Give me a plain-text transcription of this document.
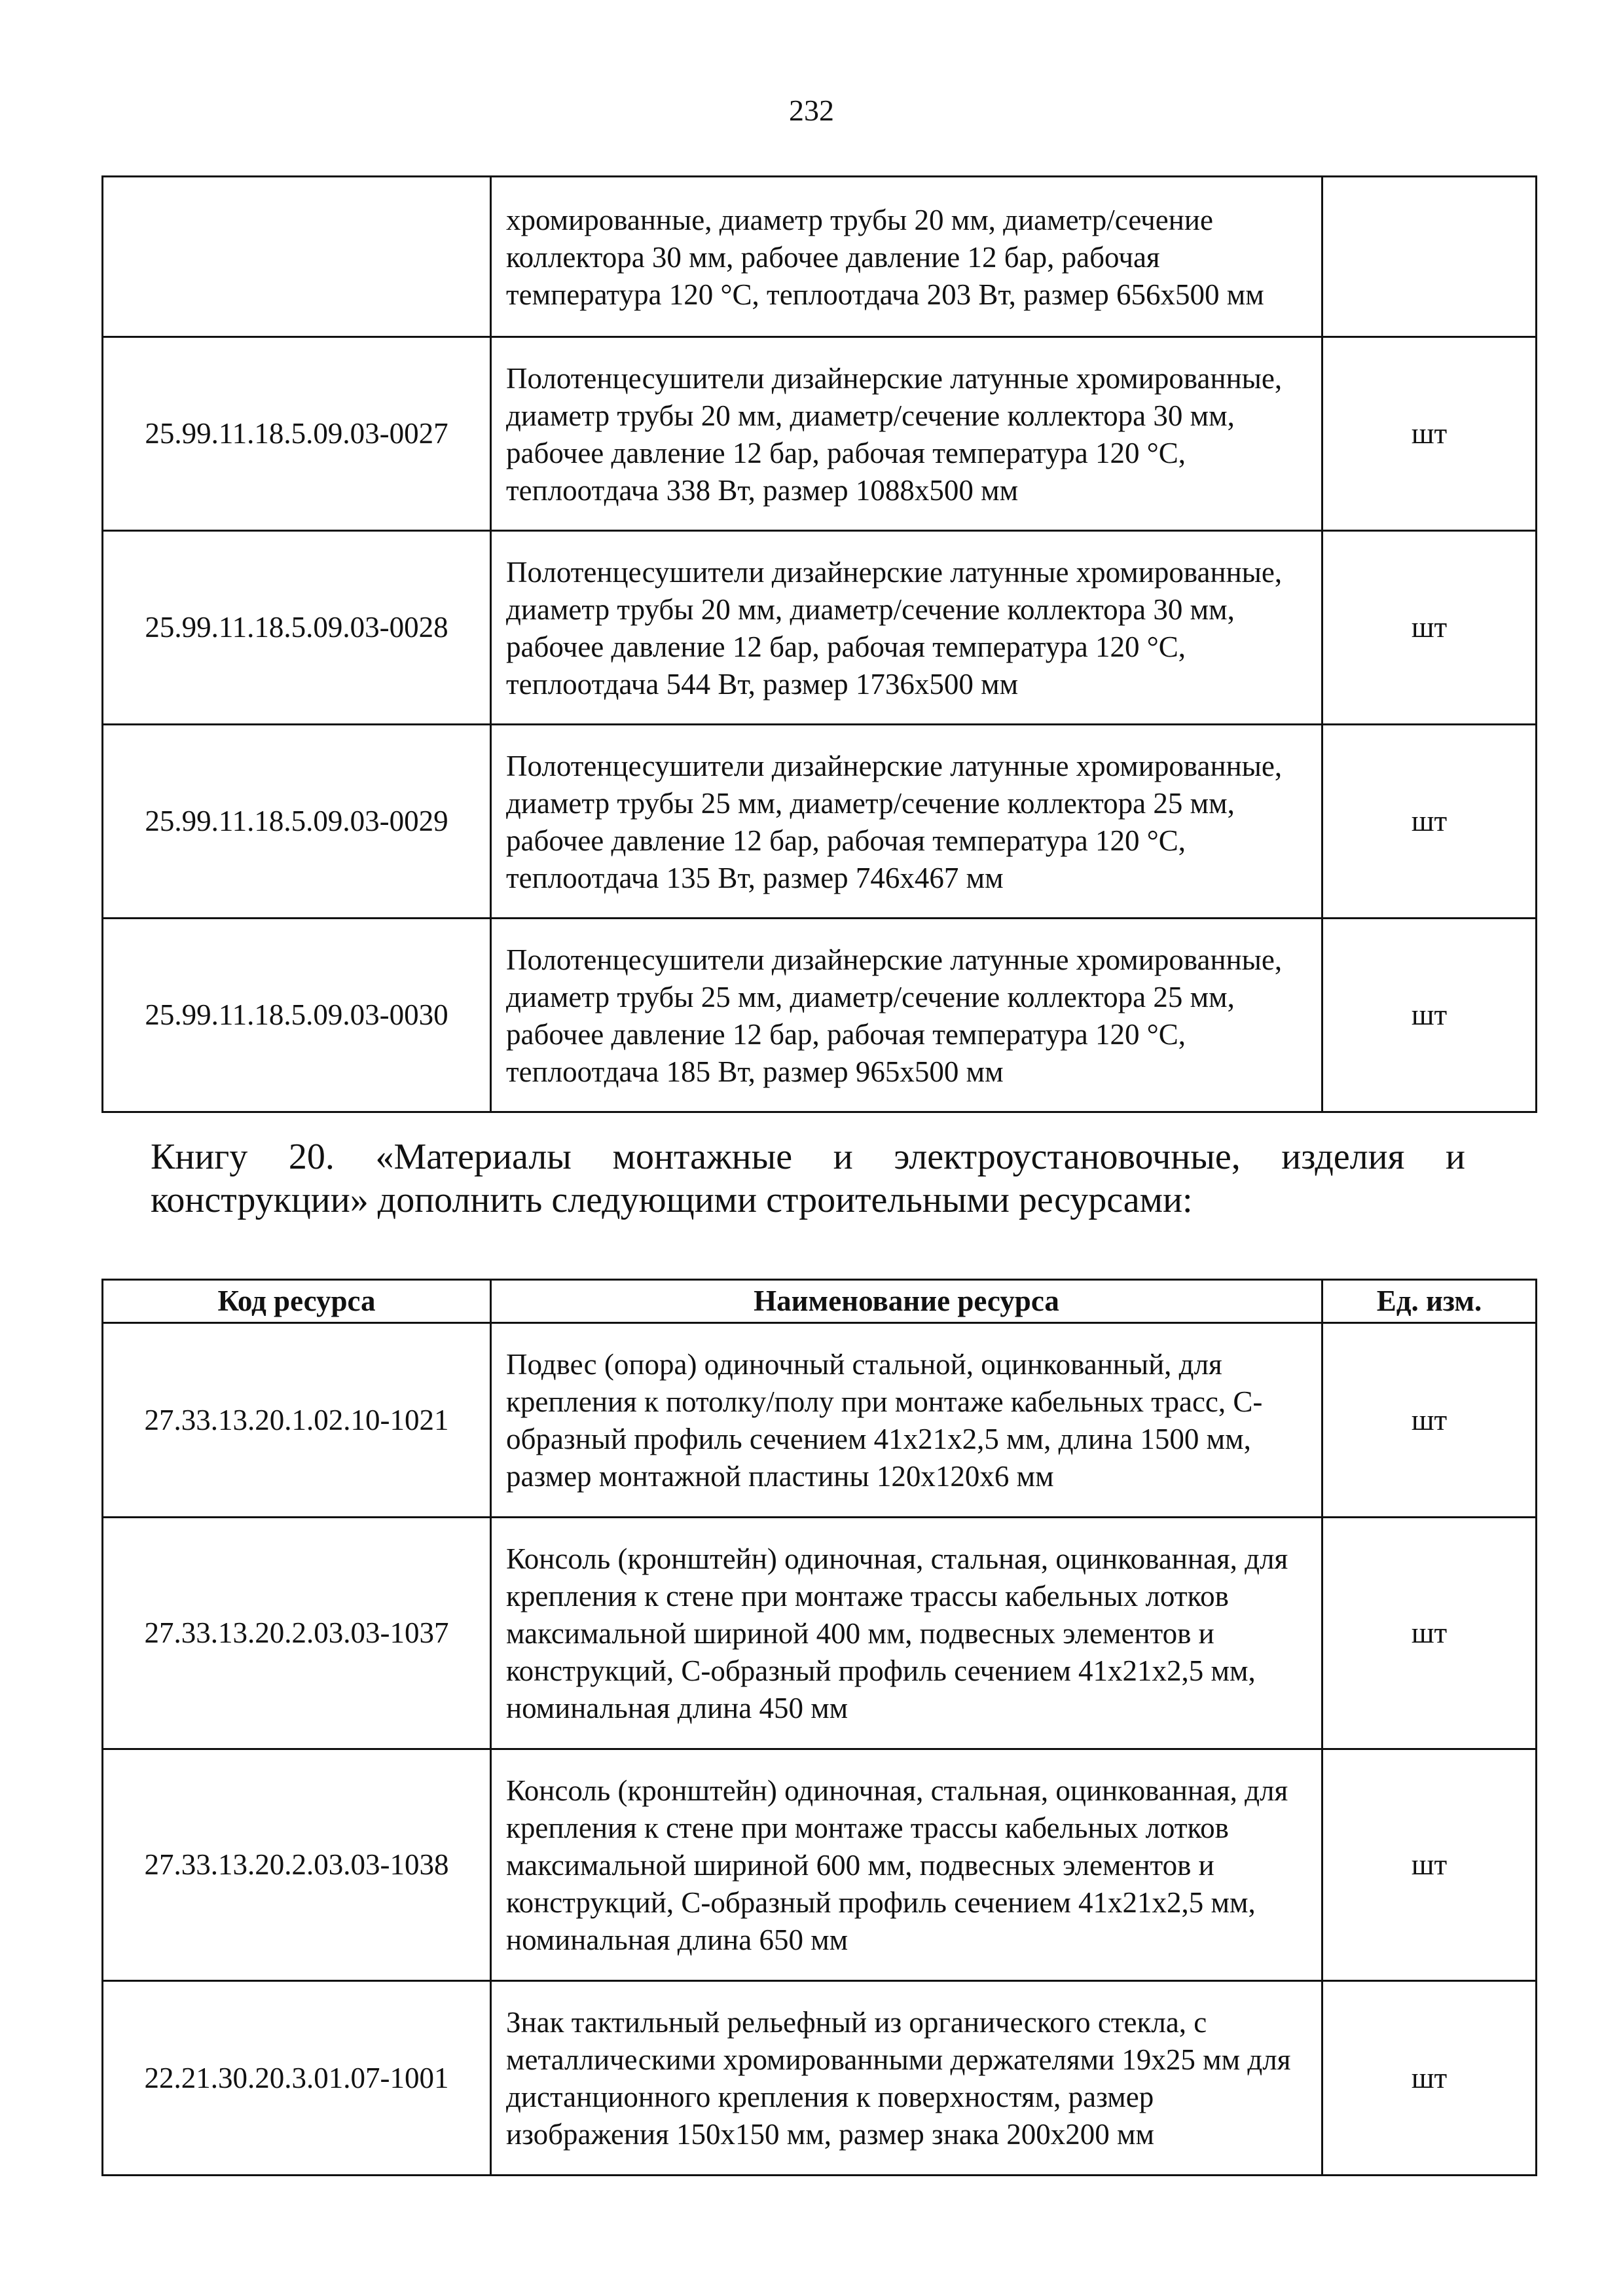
232
	хромированные, диаметр трубы 20 мм, диаметр/сечение коллектора 30 мм, рабочее давление 12 бар, рабочая температура 120 °С, теплоотдача 203 Вт, размер 656х500 мм	
25.99.11.18.5.09.03-0027	Полотенцесушители дизайнерские латунные хромированные, диаметр трубы 20 мм, диаметр/сечение коллектора 30 мм, рабочее давление 12 бар, рабочая температура 120 °С, теплоотдача 338 Вт, размер 1088х500 мм	шт
25.99.11.18.5.09.03-0028	Полотенцесушители дизайнерские латунные хромированные, диаметр трубы 20 мм, диаметр/сечение коллектора 30 мм, рабочее давление 12 бар, рабочая температура 120 °С, теплоотдача 544 Вт, размер 1736х500 мм	шт
25.99.11.18.5.09.03-0029	Полотенцесушители дизайнерские латунные хромированные, диаметр трубы 25 мм, диаметр/сечение коллектора 25 мм, рабочее давление 12 бар, рабочая температура 120 °С, теплоотдача 135 Вт, размер 746х467 мм	шт
25.99.11.18.5.09.03-0030	Полотенцесушители дизайнерские латунные хромированные, диаметр трубы 25 мм, диаметр/сечение коллектора 25 мм, рабочее давление 12 бар, рабочая температура 120 °С, теплоотдача 185 Вт, размер 965х500 мм	шт
Книгу 20. «Материалы монтажные и электроустановочные, изделия и конструкции» дополнить следующими строительными ресурсами:
Код ресурса	Наименование ресурса	Ед. изм.
27.33.13.20.1.02.10-1021	Подвес (опора) одиночный стальной, оцинкованный, для крепления к потолку/полу при монтаже кабельных трасс, С-образный профиль сечением 41х21х2,5 мм, длина 1500 мм, размер монтажной пластины 120х120х6 мм	шт
27.33.13.20.2.03.03-1037	Консоль (кронштейн) одиночная, стальная, оцинкованная, для крепления к стене при монтаже трассы кабельных лотков максимальной шириной 400 мм, подвесных элементов и конструкций, С-образный профиль сечением 41х21х2,5 мм, номинальная длина 450 мм	шт
27.33.13.20.2.03.03-1038	Консоль (кронштейн) одиночная, стальная, оцинкованная, для крепления к стене при монтаже трассы кабельных лотков максимальной шириной 600 мм, подвесных элементов и конструкций, С-образный профиль сечением 41х21х2,5 мм, номинальная длина 650 мм	шт
22.21.30.20.3.01.07-1001	Знак тактильный рельефный из органического стекла, с металлическими хромированными держателями 19х25 мм для дистанционного крепления к поверхностям, размер изображения 150х150 мм, размер знака 200х200 мм	шт
